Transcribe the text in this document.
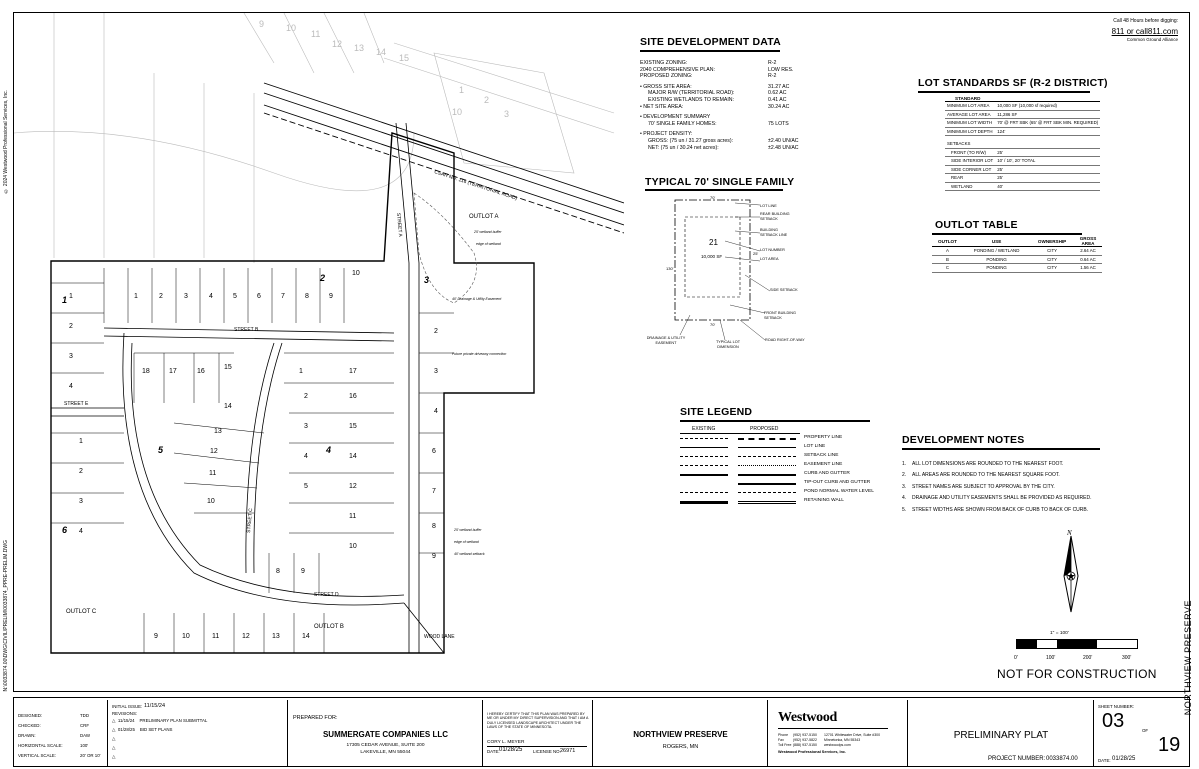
© 2024 Westwood Professional Services, Inc.
N:\0033874.00\DWG\CIVIL\PRELIM\0033874_PPRE-PRELIM.DWG	NORTHVIEW PRESERVE
Call 48 Hours before digging:
811 or call811.com
Common Ground Alliance
9 10
11
12 13 14
15
1
2
10	3
CSAH NO. 116 (TERRITORIAL ROAD)
OUTLOT A
STREET B
STREET E
STREET D
STREET A
STREET C
WOOD LANE
1	2	3	4	5	6	7	8	9
10
18	17	16
15
14
13
12
11
10
1
2
3
4
17
16
15
14
5	12
11
10
2
3
4
6
7
8
9
1
2
3
4
1
2
3
4
9	10	11	12	13	14
8	9
2
5	4
3
6
1
OUTLOT C
OUTLOT B
25' wetland buffer
edge of wetland
40' Drainage & Utility Easement
Future private driveway connection
25' wetland buffer
edge of wetland
40' wetland setback
SITE DEVELOPMENT DATA
EXISTING ZONING:	R-2
2040 COMPREHENSIVE PLAN:	LOW RES.
PROPOSED ZONING:	R-2
• GROSS SITE AREA:	31.27 AC
MAJOR R/W (TERRITORIAL ROAD):	0.62 AC
EXISTING WETLANDS TO REMAIN:	0.41 AC
• NET SITE AREA:	30.24 AC
• DEVELOPMENT SUMMARY
70' SINGLE FAMILY HOMES:	75 LOTS
• PROJECT DENSITY:
GROSS: (75 un / 31.27 gross acres):	±2.40 UN/AC
NET: (75 un / 30.24 net acres):	±2.48 UN/AC
LOT STANDARDS SF (R-2 DISTRICT)
STANDARD	
MINIMUM LOT AREA	10,000 SF (10,000 sf required)
AVERAGE LOT AREA	11,286 SF
MINIMUM LOT WIDTH	70' @ FRT SBK (65' @ FRT SBK MIN. REQUIRED)
MINIMUM LOT DEPTH	124'
SETBACKS	
FRONT (TO R/W)	25'
SIDE INTERIOR LOT	10' / 10', 20' TOTAL
SIDE CORNER LOT	25'
REAR	25'
WETLAND	40'
TYPICAL 70' SINGLE FAMILY
130'
70'
70'
25'
21
10,000 SF
LOT LINE
REAR BUILDING SETBACK
BUILDING SETBACK LINE
LOT NUMBER
LOT AREA
SIDE SETBACK
FRONT BUILDING SETBACK
DRAINAGE & UTILITY EASEMENT	TYPICAL LOT DIMENSION
ROAD RIGHT-OF-WAY
OUTLOT TABLE
OUTLOT	USE	OWNERSHIP	GROSS AREA
A	PONDING / WETLAND	CITY	2.64 AC
B	PONDING	CITY	0.64 AC
C	PONDING	CITY	1.56 AC
SITE LEGEND
EXISTING	PROPOSED
PROPERTY LINE
LOT LINE
SETBACK LINE
EASEMENT LINE
CURB AND GUTTER
TIP-OUT CURB AND GUTTER
POND NORMAL WATER LEVEL
RETAINING WALL
DEVELOPMENT NOTES
1. ALL LOT DIMENSIONS ARE ROUNDED TO THE NEAREST FOOT.
2. ALL AREAS ARE ROUNDED TO THE NEAREST SQUARE FOOT.
3. STREET NAMES ARE SUBJECT TO APPROVAL BY THE CITY.
4. DRAINAGE AND UTILITY EASEMENTS SHALL BE PROVIDED AS REQUIRED.
5. STREET WIDTHS ARE SHOWN FROM BACK OF CURB TO BACK OF CURB.
N
1" = 100'
0'	100'	200'	300'
NOT FOR CONSTRUCTION
DESIGNED:	TDD
CHECKED:	CRF
DRAWN:	DAW
HORIZONTAL SCALE:	100'
VERTICAL SCALE:	20' OR 10'
INITIAL ISSUE: 11/15/24
REVISIONS:
△  11/15/24 PRELIMINARY PLAN SUBMITTAL
△  01/28/25 BID SET PLANS
△
△
△
PREPARED FOR:
SUMMERGATE COMPANIES LLC
17305 CEDAR AVENUE, SUITE 200
LAKEVILLE, MN 55044
I HEREBY CERTIFY THAT THIS PLAN WAS PREPARED BY ME OR UNDER MY DIRECT SUPERVISION AND THAT I AM A DULY LICENSED LANDSCAPE ARCHITECT UNDER THE LAWS OF THE STATE OF MINNESOTA.
CORY L. MEYER
DATE: 01/28/25 LICENSE NO. 26971
NORTHVIEW PRESERVE
ROGERS, MN
Westwood
Phone (952) 937-5150
Fax	(952) 937-5822
Toll Free (888) 937-5150
12701 Whitewater Drive, Suite #300
Minnetonka, MN 55343
westwoodps.com
Westwood Professional Services, Inc.
PRELIMINARY PLAT
PROJECT NUMBER: 0033874.00
SHEET NUMBER:
03	OF
19
DATE: 01/28/25
